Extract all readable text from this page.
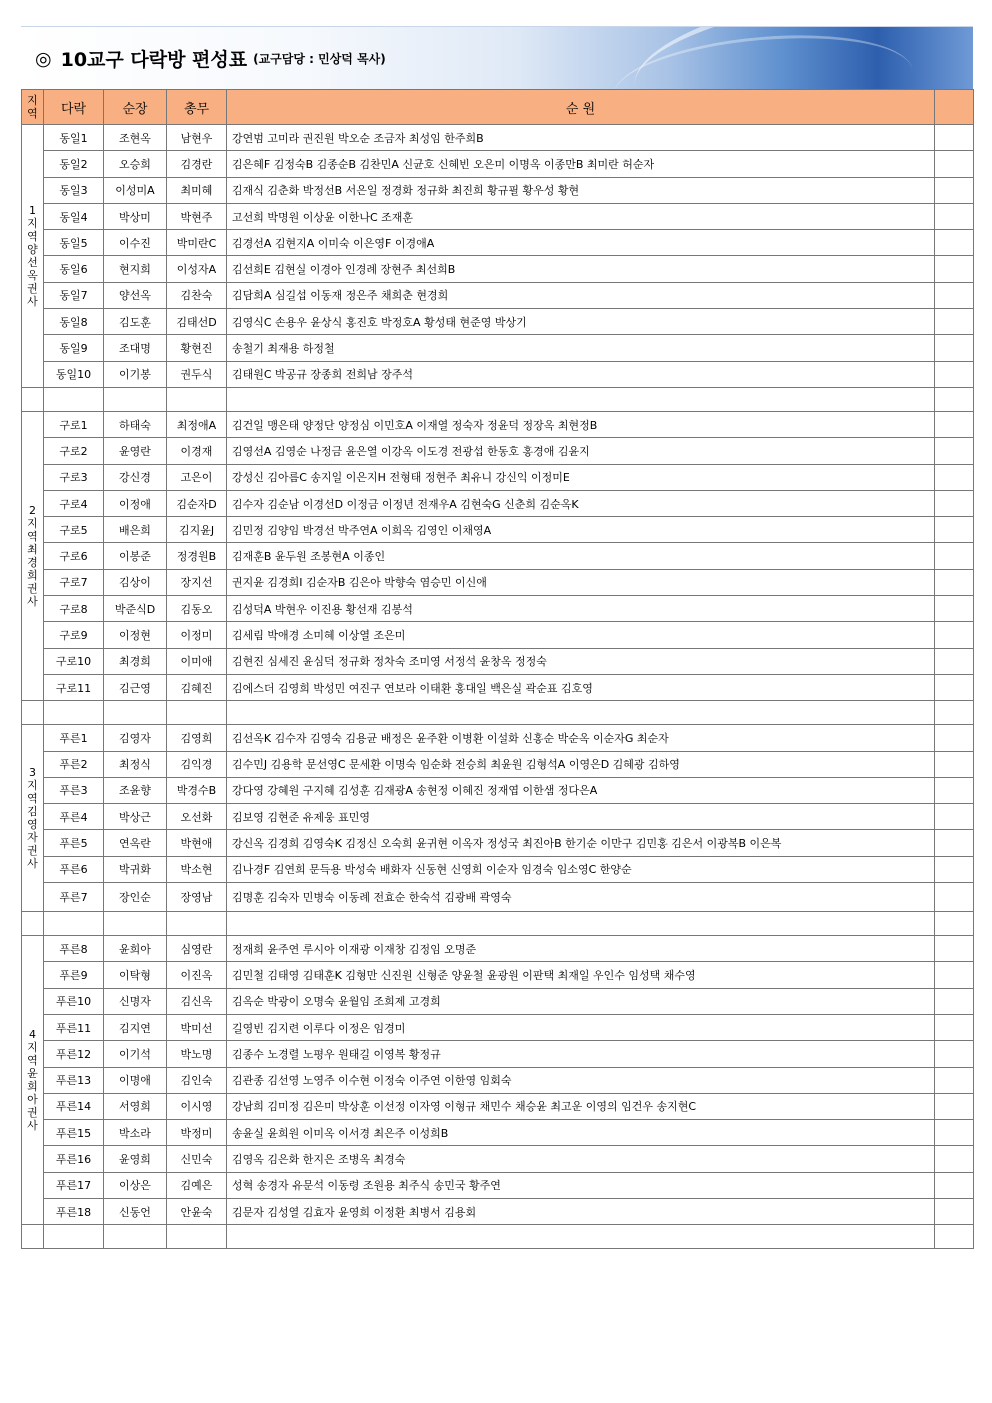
◎ 10교구 다락방 편성표 (교구담당 : 민상덕 목사)
지역	다락	순장	총무	순 원	

1 지역 양선옥 권사	동일1	조현옥	남현우	강연범 고미라 권진원 박오순 조금자 최성임 한주희B	
	동일2	오승희	김경란	김은혜F 김정숙B 김종순B 김찬민A 신균호 신혜빈 오은미 이명옥 이종만B 최미란 허순자	
	동일3	이성미A	최미혜	김재식 김춘화 박정선B 서은일 정경화 정규화 최진희 황규필 황우성 황현	
	동일4	박상미	박현주	고선희 박명원 이상윤 이한나C 조재훈	
	동일5	이수진	박미란C	김경선A 김현지A 이미숙 이은영F 이경애A	
	동일6	현지희	이성자A	김선희E 김현실 이경아 인경례 장현주 최선희B	
	동일7	양선옥	김찬숙	김담희A 심길섭 이동재 정은주 채희춘 현경희	
	동일8	김도훈	김태선D	김영식C 손용우 윤상식 홍진호 박정호A 황성태 현준영 박상기	
	동일9	조대명	황현진	송철기 최재용 하정철	
	동일10	이기봉	권두식	김태원C 박공규 장종희 전희남 장주석	

2 지역 최경희 권사	구로1	하태숙	최정애A	김건일 맹은태 양정단 양정심 이민호A 이재열 정숙자 정윤덕 정장옥 최현정B	
	구로2	윤영란	이경재	김영선A 김영순 나정금 윤은열 이강옥 이도경 전광섭 한동호 홍경애 김윤지	
	구로3	강신경	고은이	강성신 김아름C 송지일 이은지H 전형태 정현주 최유니 강신익 이정미E	
	구로4	이정애	김순자D	김수자 김순남 이경선D 이정금 이정년 전재우A 김현숙G 신춘희 김순옥K	
	구로5	배은희	김지윤J	김민정 김양임 박경선 박주연A 이희옥 김영인 이채영A	
	구로6	이봉준	정경원B	김재훈B 윤두원 조봉현A 이종인	
	구로7	김상이	장지선	권지윤 김경희I 김순자B 김은아 박향숙 염승민 이신애	
	구로8	박준식D	김동오	김성덕A 박현우 이진용 황선재 김봉석	
	구로9	이정현	이정미	김세림 박애경 소미혜 이상열 조은미	
	구로10	최경희	이미애	김현진 심세진 윤심덕 정규화 정차숙 조미영 서정석 윤창옥 정정숙	
	구로11	김근영	김혜진	김에스더 김영희 박성민 여진구 연보라 이태환 홍대일 백은실 곽순표 김호영	

3 지역 김영자 권사	푸른1	김영자	김영희	김선옥K 김수자 김영숙 김용균 배정은 윤주환 이병환 이설화 신홍순 박순옥 이순자G 최순자	
	푸른2	최정식	김익경	김수민J 김용학 문선영C 문세환 이명숙 임순화 전승희 최윤원 김형석A 이영은D 김혜광 김하영	
	푸른3	조윤향	박경수B	강다영 강혜원 구지혜 김성훈 김재광A 송현정 이혜진 정재엽 이한샘 정다은A	
	푸른4	박상근	오선화	김보영 김현준 유제웅 표민영	
	푸른5	연옥란	박현애	강신옥 김경희 김영숙K 김정신 오숙희 윤귀현 이옥자 정성국 최진아B 한기순 이만구 김민홍 김은서 이광복B 이은복	
	푸른6	박귀화	박소현	김나경F 김연희 문득용 박성숙 배화자 신동현 신영희 이순자 임경숙 임소영C 한양순	
	푸른7	장인순	장영남	김명훈 김숙자 민병숙 이동례 전효순 한숙석 김광배 곽영숙	

4 지역 윤희아 권사	푸른8	윤희아	심영란	정재희 윤주연 루시아 이재광 이재창 김정임 오명준	
	푸른9	이탁형	이진옥	김민철 김태영 김태훈K 김형만 신진원 신형준 양윤철 윤광원 이판택 최재일 우인수 임성택 채수영	
	푸른10	신명자	김신옥	김옥순 박광이 오명숙 윤월임 조희제 고경희	
	푸른11	김지연	박미선	길영빈 김지련 이루다 이정은 임경미	
	푸른12	이기석	박노명	김종수 노경렬 노평우 원태길 이영복 황정규	
	푸른13	이명애	김인숙	김관종 김선영 노영주 이수현 이정숙 이주연 이한영 임회숙	
	푸른14	서영희	이시영	강남희 김미정 김은미 박상훈 이선정 이자영 이형규 채민수 채승윤 최고운 이영의 임건우 송지현C	
	푸른15	박소라	박정미	송윤실 윤희원 이미옥 이서경 최은주 이성희B	
	푸른16	윤영희	신민숙	김영옥 김은화 한지은 조병옥 최경숙	
	푸른17	이상은	김예은	성혁 송경자 유문석 이동령 조원용 최주식 송민국 황주연	
	푸른18	신동언	안윤숙	김문자 김성열 김효자 윤영희 이정환 최병서 김용회	
